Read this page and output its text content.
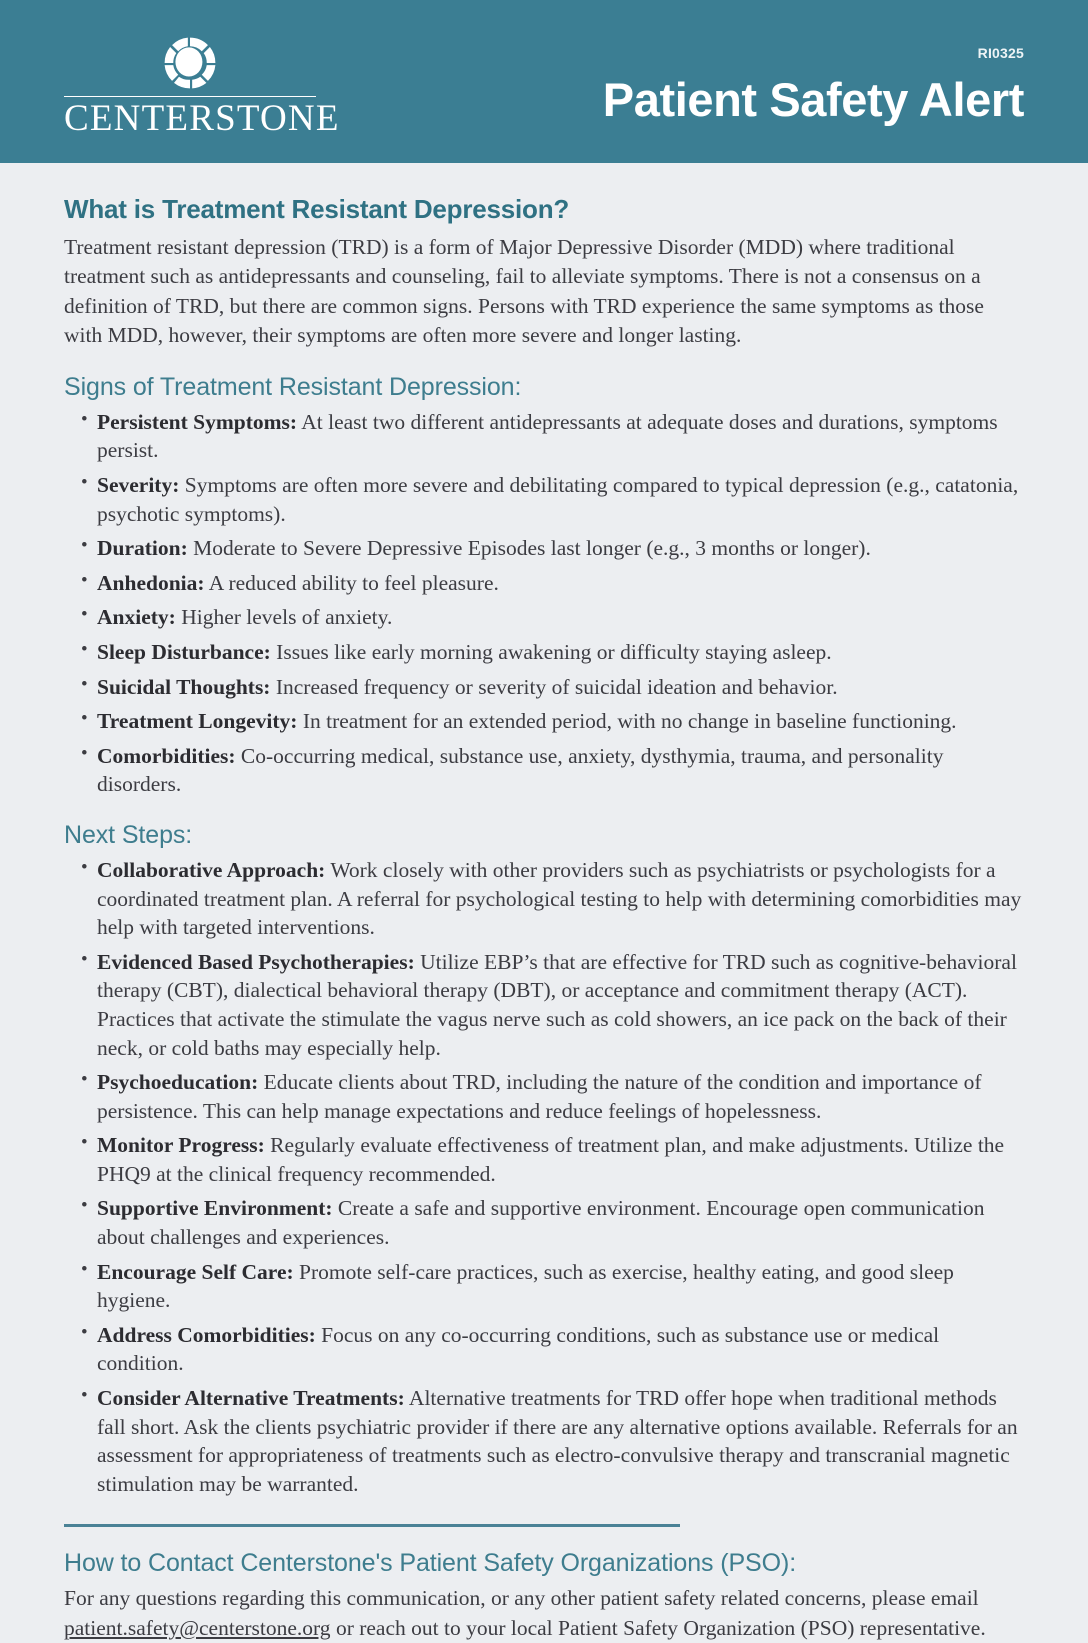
CENTERSTONE
RI0325
Patient Safety Alert
What is Treatment Resistant Depression?

Treatment resistant depression (TRD) is a form of Major Depressive Disorder (MDD) where traditional treatment such as antidepressants and counseling, fail to alleviate symptoms. There is not a consensus on a definition of TRD, but there are common signs. Persons with TRD experience the same symptoms as those with MDD, however, their symptoms are often more severe and longer lasting.

Signs of Treatment Resistant Depression:
• Persistent Symptoms: At least two different antidepressants at adequate doses and durations, symptoms persist.
• Severity: Symptoms are often more severe and debilitating compared to typical depression (e.g., catatonia, psychotic symptoms).
• Duration: Moderate to Severe Depressive Episodes last longer (e.g., 3 months or longer).
• Anhedonia: A reduced ability to feel pleasure.
• Anxiety: Higher levels of anxiety.
• Sleep Disturbance: Issues like early morning awakening or difficulty staying asleep.
• Suicidal Thoughts: Increased frequency or severity of suicidal ideation and behavior.
• Treatment Longevity: In treatment for an extended period, with no change in baseline functioning.
• Comorbidities: Co-occurring medical, substance use, anxiety, dysthymia, trauma, and personality disorders.
Next Steps:
• Collaborative Approach: Work closely with other providers such as psychiatrists or psychologists for a coordinated treatment plan. A referral for psychological testing to help with determining comorbidities may help with targeted interventions.
• Evidenced Based Psychotherapies: Utilize EBP’s that are effective for TRD such as cognitive-behavioral therapy (CBT), dialectical behavioral therapy (DBT), or acceptance and commitment therapy (ACT). Practices that activate the stimulate the vagus nerve such as cold showers, an ice pack on the back of their neck, or cold baths may especially help.
• Psychoeducation: Educate clients about TRD, including the nature of the condition and importance of persistence. This can help manage expectations and reduce feelings of hopelessness.
• Monitor Progress: Regularly evaluate effectiveness of treatment plan, and make adjustments. Utilize the PHQ9 at the clinical frequency recommended.
• Supportive Environment: Create a safe and supportive environment. Encourage open communication about challenges and experiences.
• Encourage Self Care: Promote self-care practices, such as exercise, healthy eating, and good sleep hygiene.
• Address Comorbidities: Focus on any co-occurring conditions, such as substance use or medical condition.
• Consider Alternative Treatments: Alternative treatments for TRD offer hope when traditional methods fall short. Ask the clients psychiatric provider if there are any alternative options available. Referrals for an assessment for appropriateness of treatments such as electro-convulsive therapy and transcranial magnetic stimulation may be warranted.
How to Contact Centerstone's Patient Safety Organizations (PSO):

For any questions regarding this communication, or any other patient safety related concerns, please email patient.safety@centerstone.org or reach out to your local Patient Safety Organization (PSO) representative.
